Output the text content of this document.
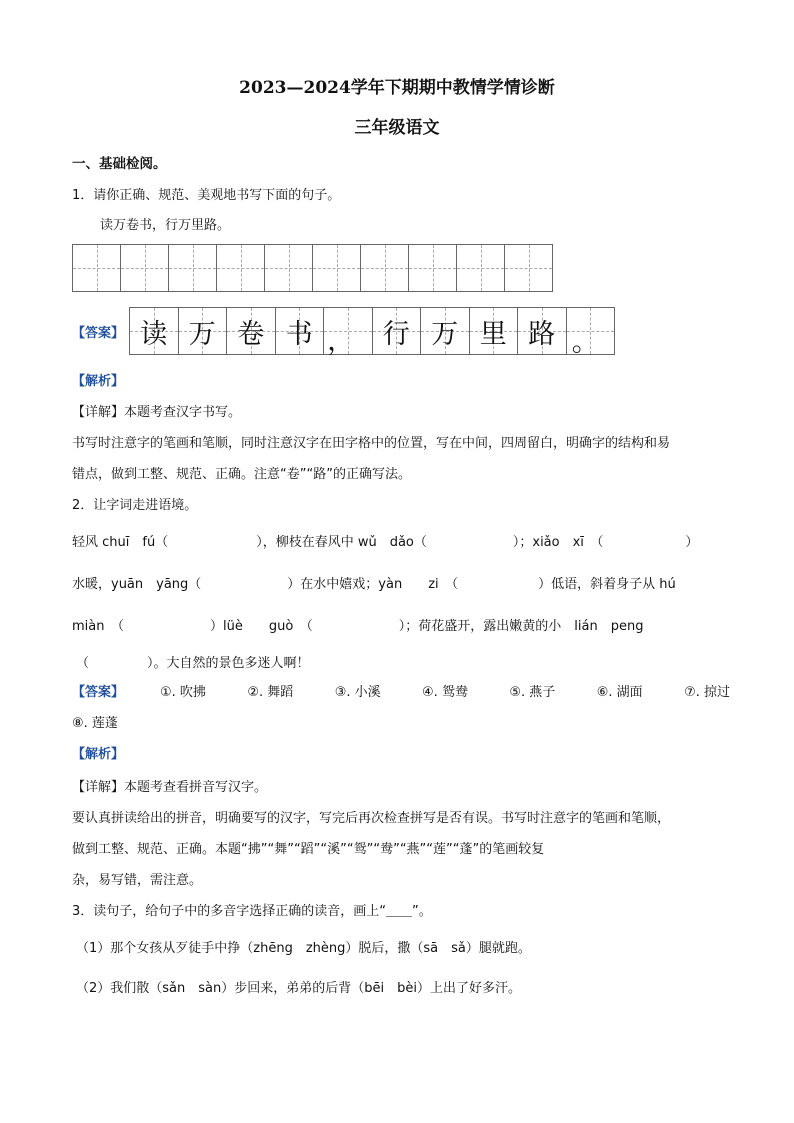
2023—2024学年下期期中教情学情诊断
三年级语文
一、基础检阅。
1．请你正确、规范、美观地书写下面的句子。
读万卷书，行万里路。
【答案】 读 万 卷 书 ， 行 万 里 路 。
【解析】
【详解】本题考查汉字书写。
书写时注意字的笔画和笔顺，同时注意汉字在田字格中的位置，写在中间，四周留白，明确字的结构和易
错点，做到工整、规范、正确。注意“卷”“路”的正确写法。
2．让字词走进语境。
轻风 chuī　fú（	），柳枝在春风中 wǔ　dǎo（	）；xiǎo　xī　（	）
水暖，yuān　yāng（	）在水中嬉戏；yàn　　zi　（	）低语，斜着身子从 hú
miàn　（	）lüè　　guò　（	）；荷花盛开，露出嫩黄的小　lián　peng
（	）。大自然的景色多迷人啊！
【答案】	①. 吹拂	②. 舞蹈	③. 小溪	④. 鸳鸯	⑤. 燕子	⑥. 湖面	⑦. 掠过
⑧. 莲蓬
【解析】
【详解】本题考查看拼音写汉字。
要认真拼读给出的拼音，明确要写的汉字，写完后再次检查拼写是否有误。书写时注意字的笔画和笔顺，
做到工整、规范、正确。本题“拂”“舞”“蹈”“溪”“鸳”“鸯”“燕”“莲”“蓬”的笔画较复
杂，易写错，需注意。
3．读句子，给句子中的多音字选择正确的读音，画上“＿＿”。
（1）那个女孩从歹徒手中挣（zhēng　zhèng）脱后，撒（sā　sǎ）腿就跑。
（2）我们散（sǎn　sàn）步回来，弟弟的后背（bēi　bèi）上出了好多汗。
